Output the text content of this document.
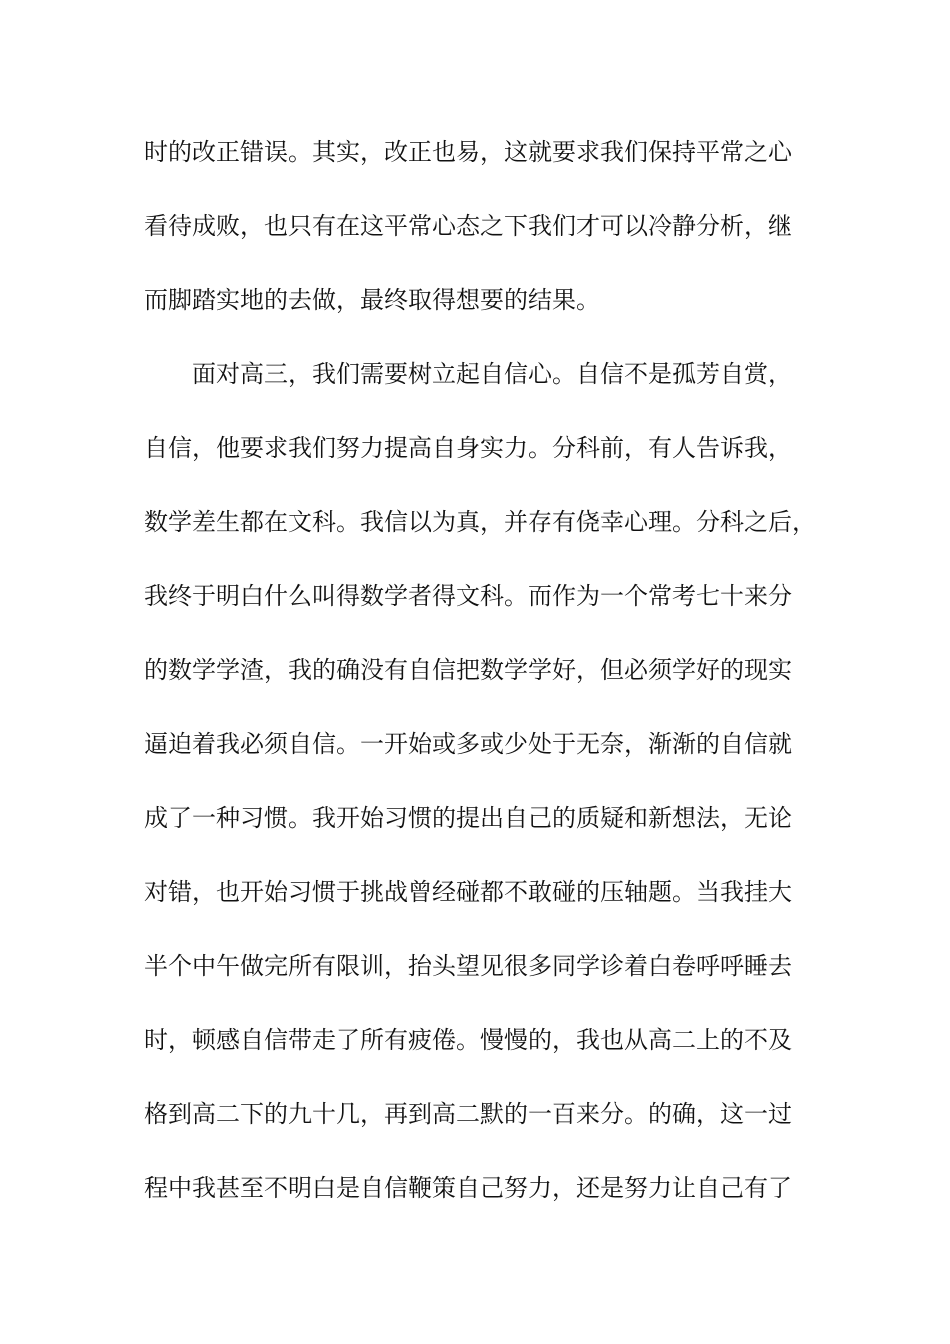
时的改正错误。其实，改正也易，这就要求我们保持平常之心
看待成败，也只有在这平常心态之下我们才可以冷静分析，继
而脚踏实地的去做，最终取得想要的结果。
面对高三，我们需要树立起自信心。自信不是孤芳自赏，
自信，他要求我们努力提高自身实力。分科前，有人告诉我，
数学差生都在文科。我信以为真，并存有侥幸心理。分科之后，
我终于明白什么叫得数学者得文科。而作为一个常考七十来分
的数学学渣，我的确没有自信把数学学好，但必须学好的现实
逼迫着我必须自信。一开始或多或少处于无奈，渐渐的自信就
成了一种习惯。我开始习惯的提出自己的质疑和新想法，无论
对错，也开始习惯于挑战曾经碰都不敢碰的压轴题。当我挂大
半个中午做完所有限训，抬头望见很多同学诊着白卷呼呼睡去
时，顿感自信带走了所有疲倦。慢慢的，我也从高二上的不及
格到高二下的九十几，再到高二默的一百来分。的确，这一过
程中我甚至不明白是自信鞭策自己努力，还是努力让自己有了
